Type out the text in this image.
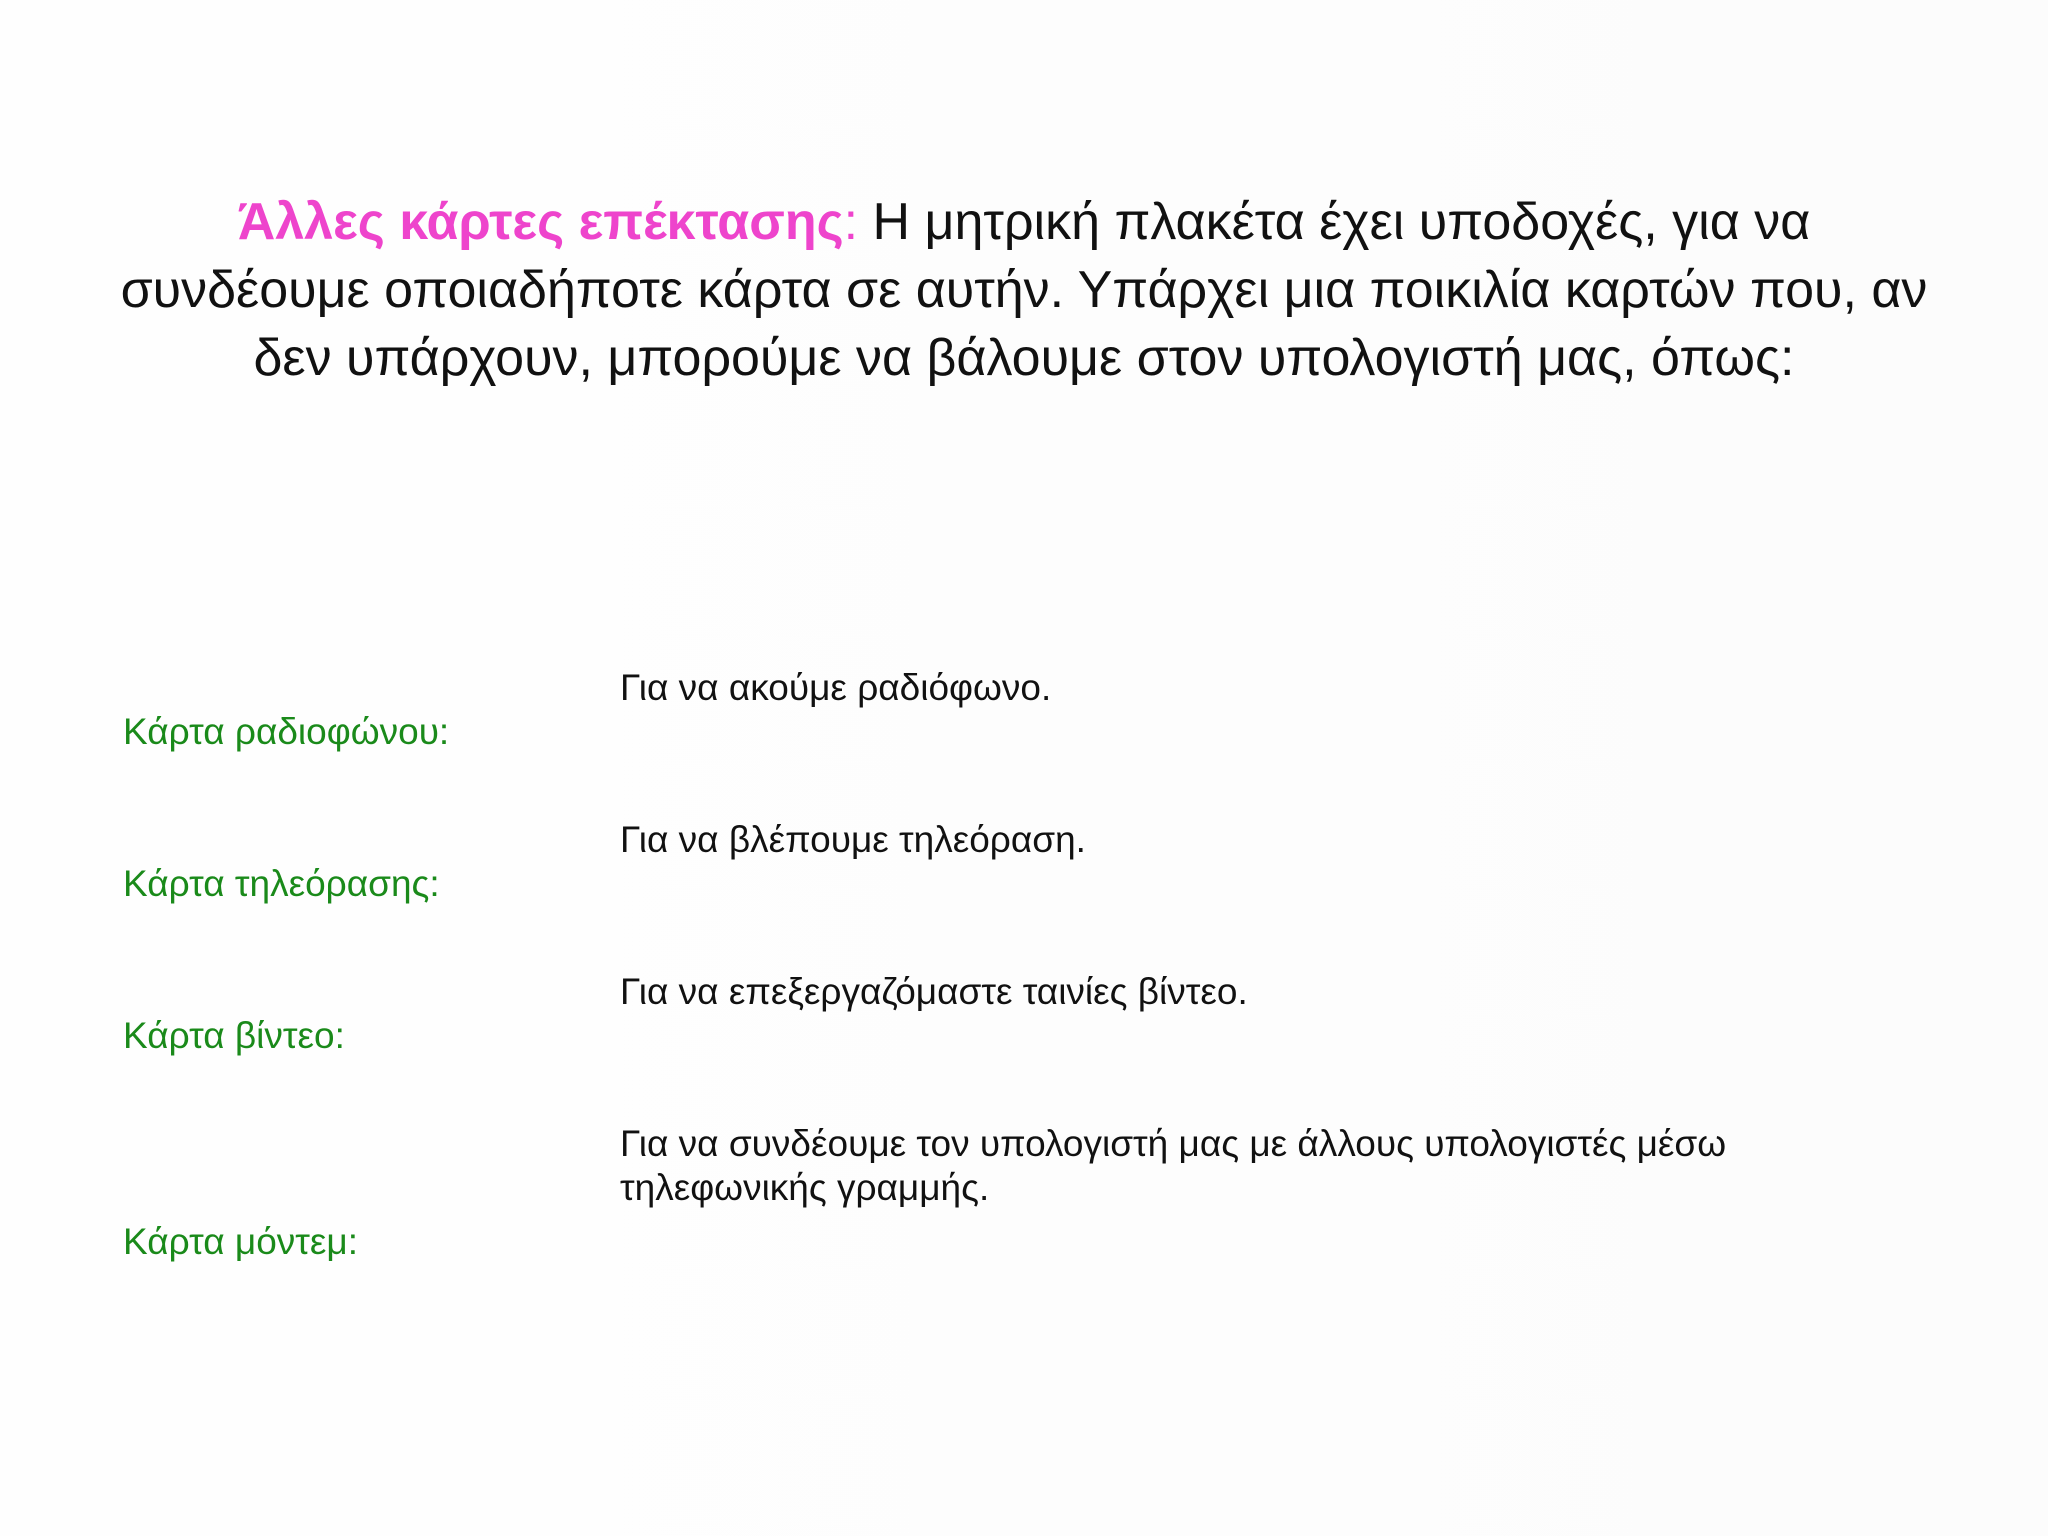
Άλλες κάρτες επέκτασης: Η μητρική πλακέτα έχει υποδοχές, για να συνδέουμε οποιαδήποτε κάρτα σε αυτήν. Υπάρχει μια ποικιλία καρτών που, αν δεν υπάρχουν, μπορούμε να βάλουμε στον υπολογιστή μας, όπως:
Για να ακούμε ραδιόφωνο.
Κάρτα ραδιοφώνου:
Για να βλέπουμε τηλεόραση.
Κάρτα τηλεόρασης:
Για να επεξεργαζόμαστε ταινίες βίντεο.
Κάρτα βίντεο:
Για να συνδέουμε τον υπολογιστή μας με άλλους υπολογιστές μέσω τηλεφωνικής γραμμής.
Κάρτα μόντεμ:
